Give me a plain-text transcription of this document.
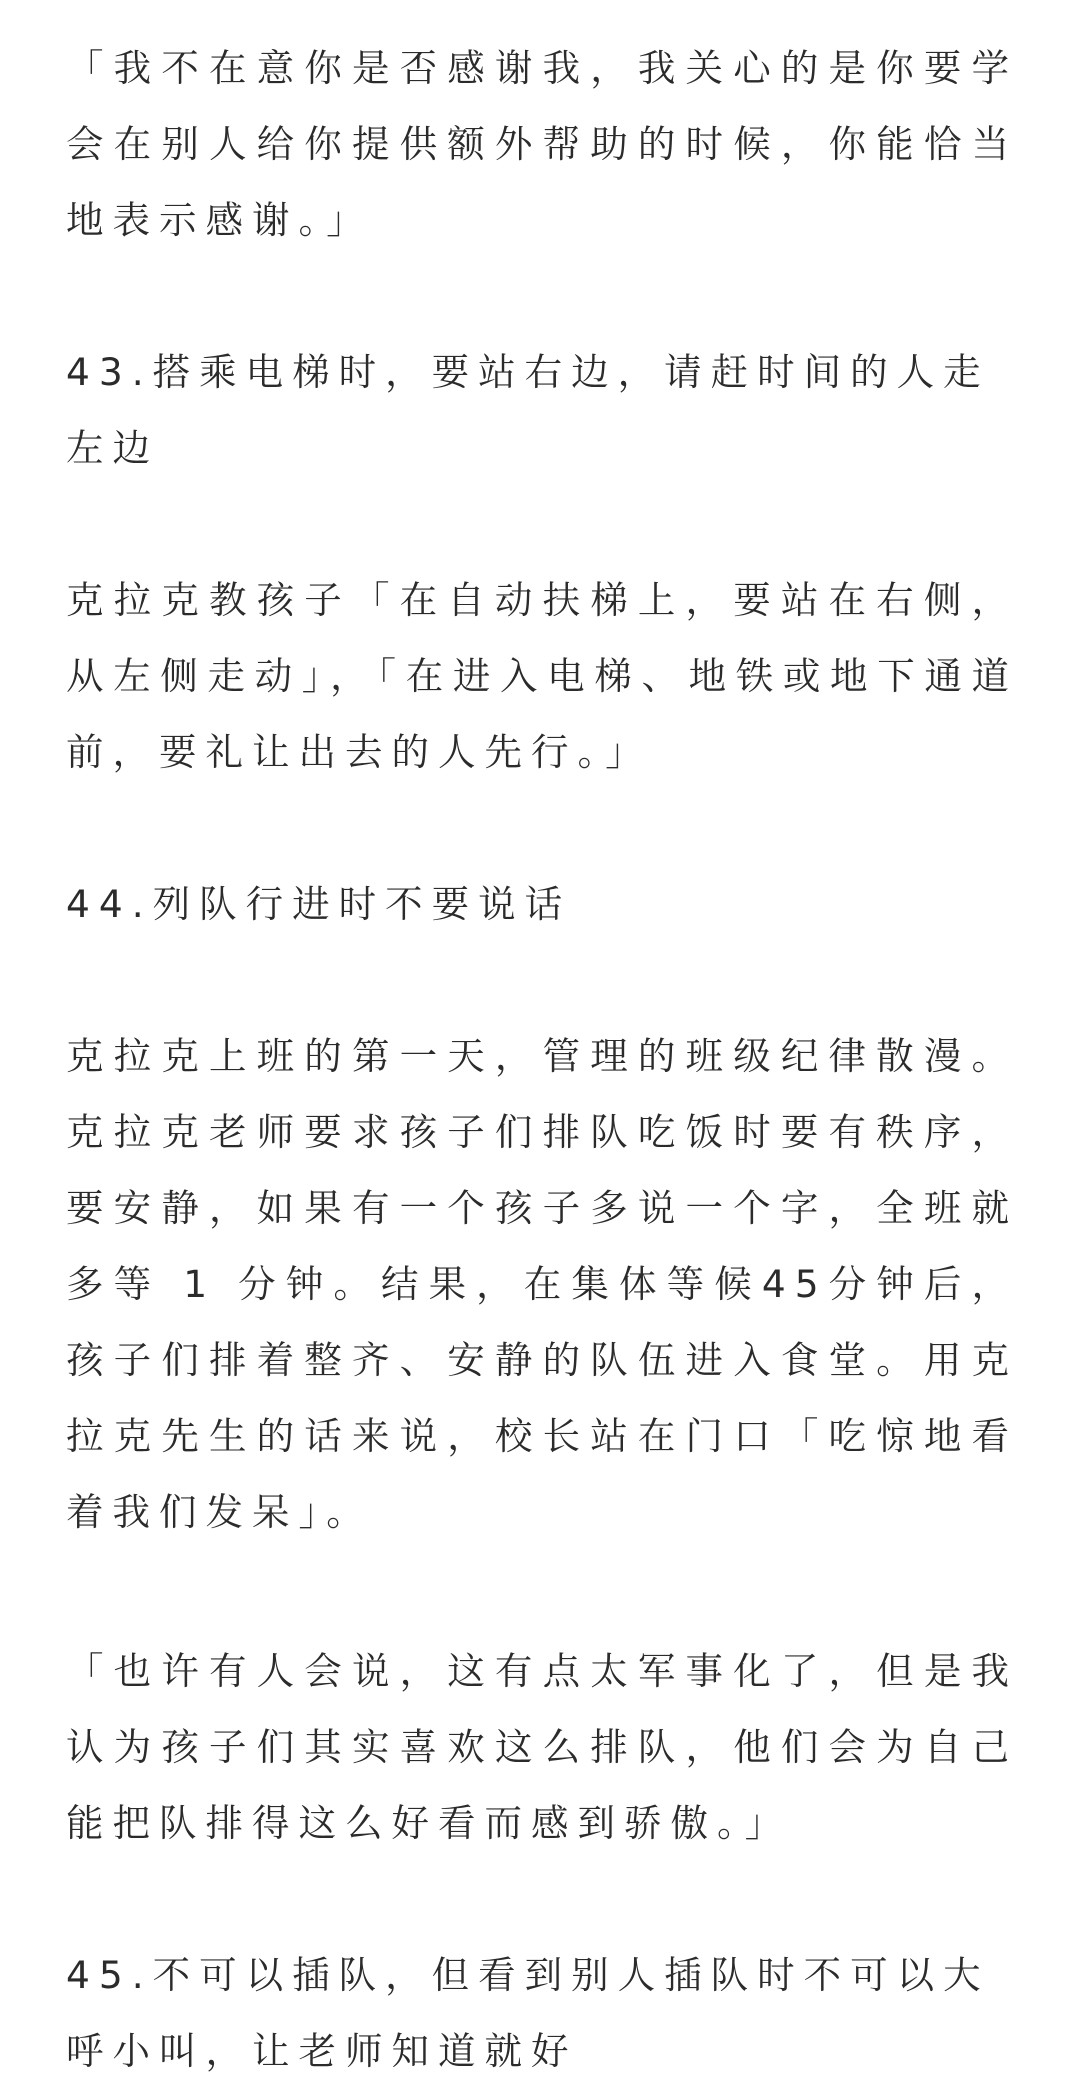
「我不在意你是否感谢我，我关心的是你要学会在别人给你提供额外帮助的时候，你能恰当地表示感谢。」

43.搭乘电梯时，要站右边，请赶时间的人走左边

克拉克教孩子「在自动扶梯上，要站在右侧，从左侧走动」，「在进入电梯、地铁或地下通道前，要礼让出去的人先行。」

44.列队行进时不要说话

克拉克上班的第一天，管理的班级纪律散漫。克拉克老师要求孩子们排队吃饭时要有秩序，要安静，如果有一个孩子多说一个字，全班就多等 1 分钟。结果，在集体等候45分钟后，孩子们排着整齐、安静的队伍进入食堂。用克拉克先生的话来说，校长站在门口「吃惊地看着我们发呆」。

「也许有人会说，这有点太军事化了，但是我认为孩子们其实喜欢这么排队，他们会为自己能把队排得这么好看而感到骄傲。」

45.不可以插队，但看到别人插队时不可以大呼小叫，让老师知道就好
